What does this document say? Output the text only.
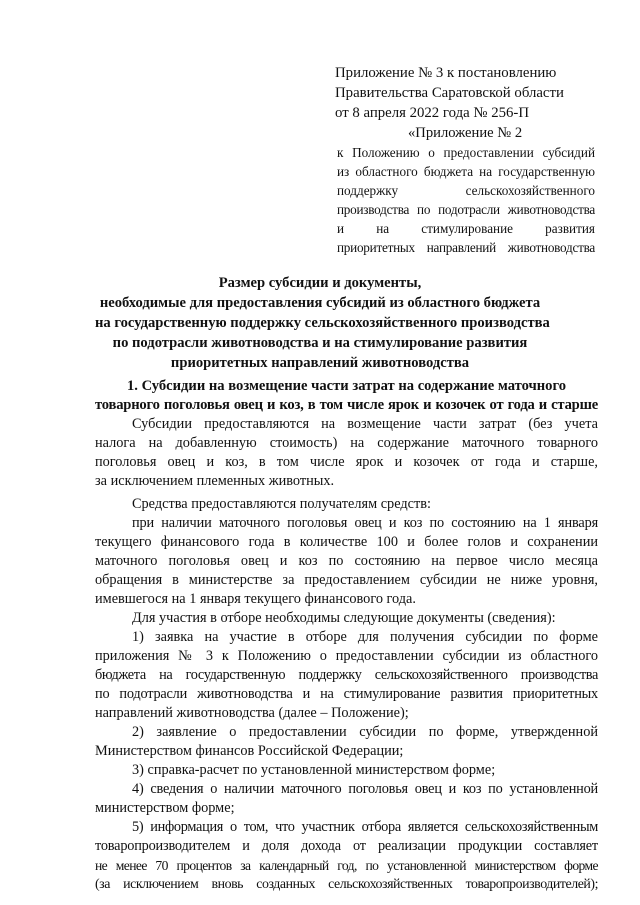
Приложение № 3 к постановлению
Правительства Саратовской области
от 8 апреля 2022 года № 256-П
«Приложение № 2
к Положению о предоставлении субсидий
из областного бюджета на государственную
поддержку сельскохозяйственного
производства по подотрасли животноводства
и на стимулирование развития
приоритетных направлений животноводства
Размер субсидии и документы,
необходимые для предоставления субсидий из областного бюджета
на государственную поддержку сельскохозяйственного производства
по подотрасли животноводства и на стимулирование развития
приоритетных направлений животноводства
1. Субсидии на возмещение части затрат на содержание маточного
товарного поголовья овец и коз, в том числе ярок и козочек от года и старше
Субсидии предоставляются на возмещение части затрат (без учета
налога на добавленную стоимость) на содержание маточного товарного
поголовья овец и коз, в том числе ярок и козочек от года и старше,
за исключением племенных животных.
Средства предоставляются получателям средств:
при наличии маточного поголовья овец и коз по состоянию на 1 января
текущего финансового года в количестве 100 и более голов и сохранении
маточного поголовья овец и коз по состоянию на первое число месяца
обращения в министерстве за предоставлением субсидии не ниже уровня,
имевшегося на 1 января текущего финансового года.
Для участия в отборе необходимы следующие документы (сведения):
1) заявка на участие в отборе для получения субсидии по форме
приложения № 3 к Положению о предоставлении субсидии из областного
бюджета на государственную поддержку сельскохозяйственного производства
по подотрасли животноводства и на стимулирование развития приоритетных
направлений животноводства (далее – Положение);
2) заявление о предоставлении субсидии по форме, утвержденной
Министерством финансов Российской Федерации;
3) справка-расчет по установленной министерством форме;
4) сведения о наличии маточного поголовья овец и коз по установленной
министерством форме;
5) информация о том, что участник отбора является сельскохозяйственным
товаропроизводителем и доля дохода от реализации продукции составляет
не менее 70 процентов за календарный год, по установленной министерством форме
(за исключением вновь созданных сельскохозяйственных товаропроизводителей);
